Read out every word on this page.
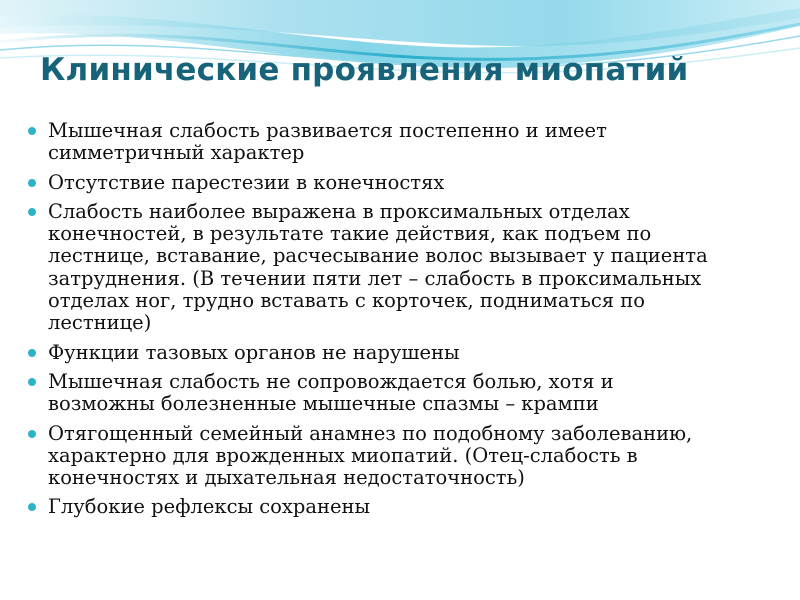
Клинические проявления миопатий
Мышечная слабость развивается постепенно и имеет симметричный характер
Отсутствие парестезии в конечностях
Слабость наиболее выражена в проксимальных отделах конечностей, в результате такие действия, как подъем по лестнице, вставание, расчесывание волос вызывает у пациента затруднения. (В течении пяти лет – слабость в проксимальных отделах ног, трудно вставать с корточек, подниматься по лестнице)
Функции тазовых органов не нарушены
Мышечная слабость не сопровождается болью, хотя и возможны болезненные мышечные спазмы – крампи
Отягощенный семейный анамнез по подобному заболеванию, характерно для врожденных миопатий. (Отец-слабость в конечностях и дыхательная недостаточность)
Глубокие рефлексы сохранены
